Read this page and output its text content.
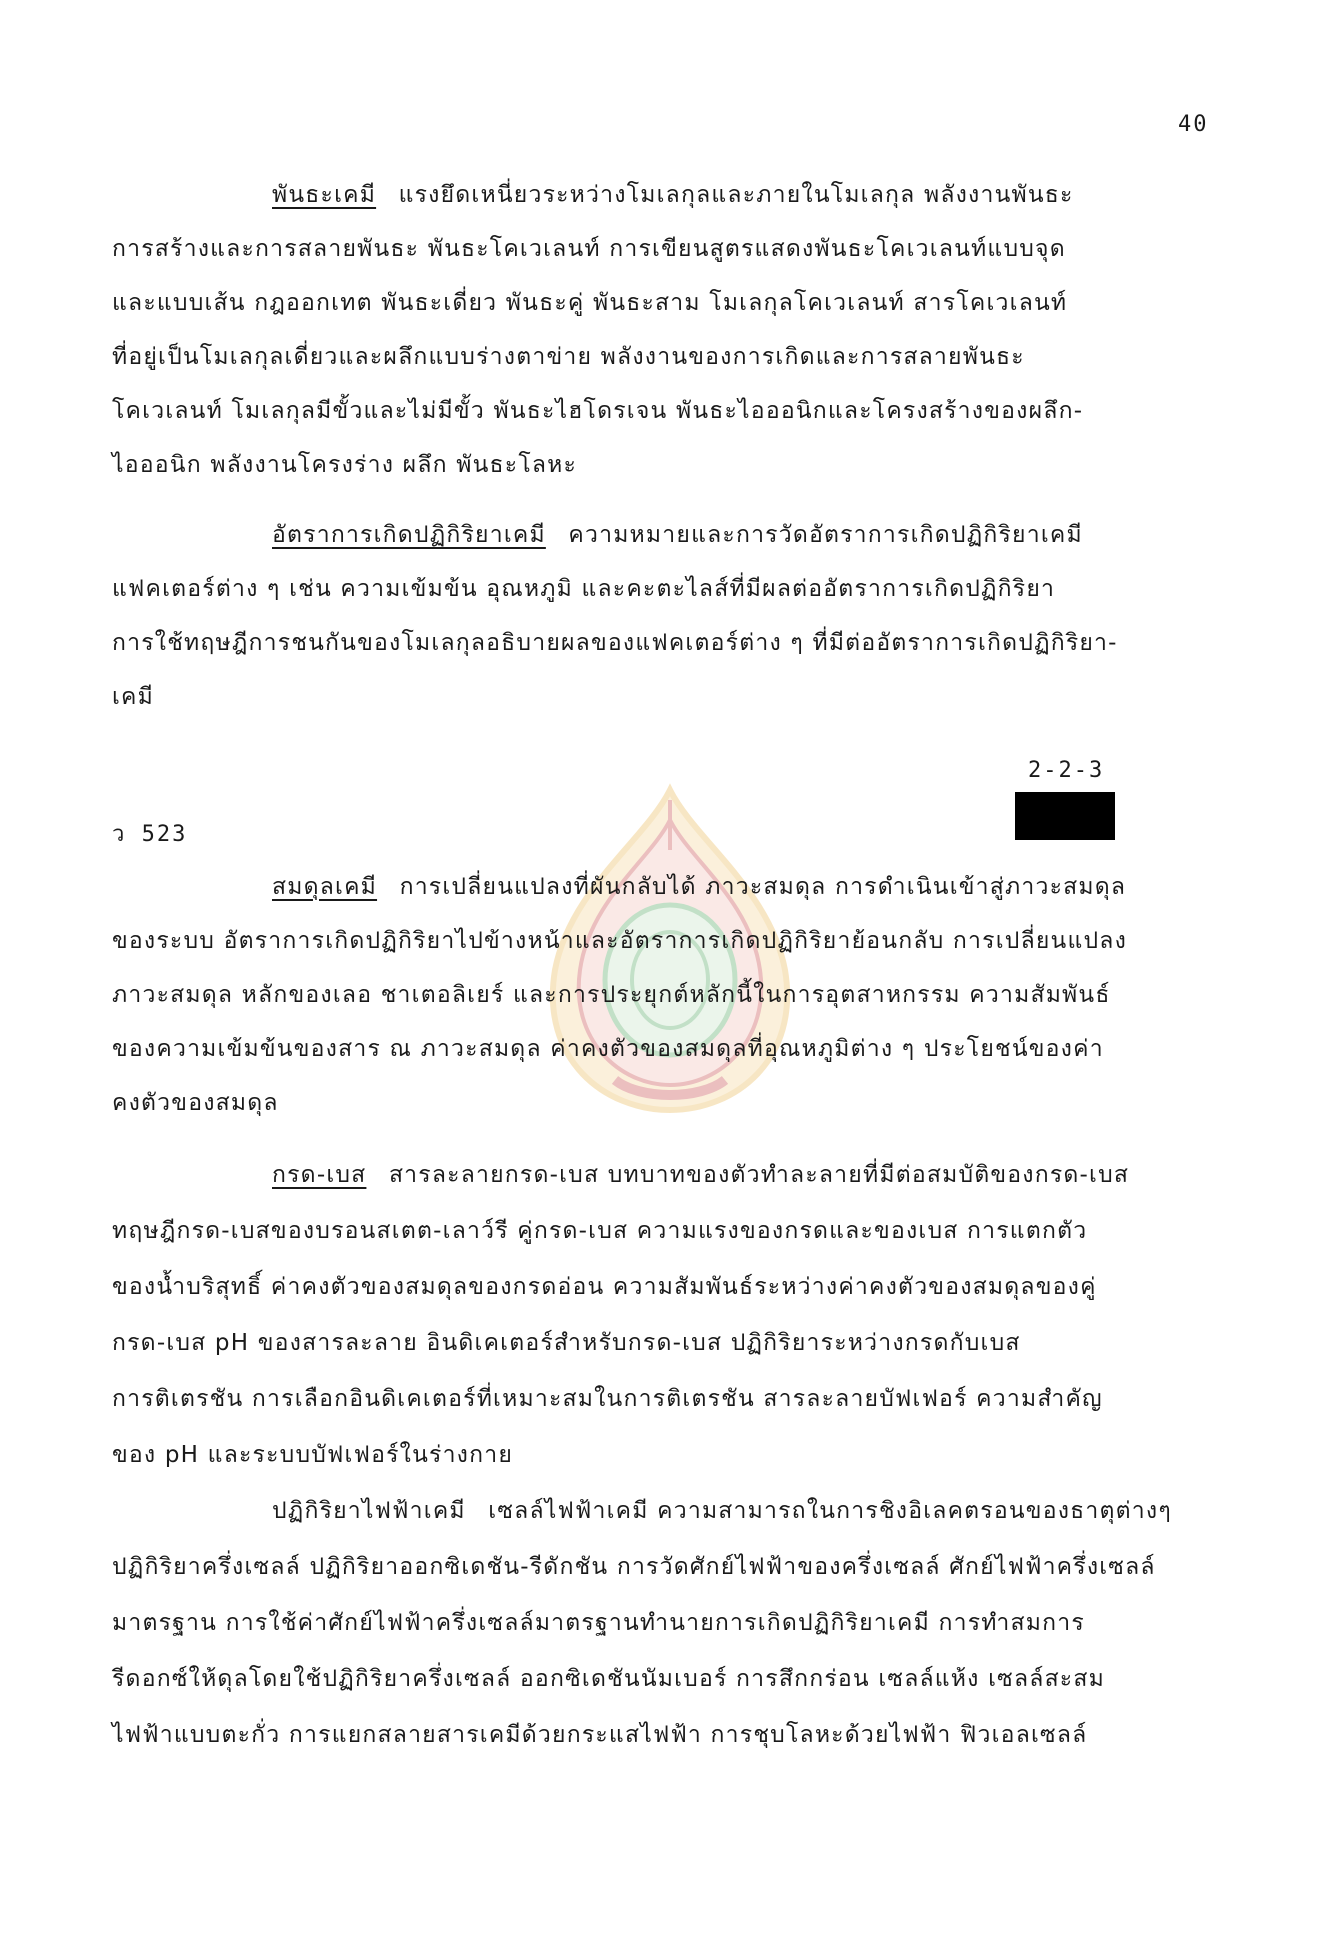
40
พันธะเคมี แรงยึดเหนี่ยวระหว่างโมเลกุลและภายในโมเลกุล พลังงานพันธะ
การสร้างและการสลายพันธะ พันธะโคเวเลนท์ การเขียนสูตรแสดงพันธะโคเวเลนท์แบบจุด
และแบบเส้น กฎออกเทต พันธะเดี่ยว พันธะคู่ พันธะสาม โมเลกุลโคเวเลนท์ สารโคเวเลนท์
ที่อยู่เป็นโมเลกุลเดี่ยวและผลึกแบบร่างตาข่าย พลังงานของการเกิดและการสลายพันธะ
โคเวเลนท์ โมเลกุลมีขั้วและไม่มีขั้ว พันธะไฮโดรเจน พันธะไอออนิกและโครงสร้างของผลึก-
ไอออนิก พลังงานโครงร่าง ผลึก พันธะโลหะ
อัตราการเกิดปฏิกิริยาเคมี ความหมายและการวัดอัตราการเกิดปฏิกิริยาเคมี
แฟคเตอร์ต่าง ๆ เช่น ความเข้มข้น อุณหภูมิ และคะตะไลส์ที่มีผลต่ออัตราการเกิดปฏิกิริยา
การใช้ทฤษฎีการชนกันของโมเลกุลอธิบายผลของแฟคเตอร์ต่าง ๆ ที่มีต่ออัตราการเกิดปฏิกิริยา-
เคมี
2-2-3
ว 523
สมดุลเคมี การเปลี่ยนแปลงที่ผันกลับได้ ภาวะสมดุล การดำเนินเข้าสู่ภาวะสมดุล
ของระบบ อัตราการเกิดปฏิกิริยาไปข้างหน้าและอัตราการเกิดปฏิกิริยาย้อนกลับ การเปลี่ยนแปลง
ภาวะสมดุล หลักของเลอ ชาเตอลิเยร์ และการประยุกต์หลักนี้ในการอุตสาหกรรม ความสัมพันธ์
ของความเข้มข้นของสาร ณ ภาวะสมดุล ค่าคงตัวของสมดุลที่อุณหภูมิต่าง ๆ ประโยชน์ของค่า
คงตัวของสมดุล
กรด-เบส สารละลายกรด-เบส บทบาทของตัวทำละลายที่มีต่อสมบัติของกรด-เบส
ทฤษฎีกรด-เบสของบรอนสเตต-เลาว์รี คู่กรด-เบส ความแรงของกรดและของเบส การแตกตัว
ของน้ำบริสุทธิ์ ค่าคงตัวของสมดุลของกรดอ่อน ความสัมพันธ์ระหว่างค่าคงตัวของสมดุลของคู่
กรด-เบส pH ของสารละลาย อินดิเคเตอร์สำหรับกรด-เบส ปฏิกิริยาระหว่างกรดกับเบส
การติเตรชัน การเลือกอินดิเคเตอร์ที่เหมาะสมในการติเตรชัน สารละลายบัฟเฟอร์ ความสำคัญ
ของ pH และระบบบัฟเฟอร์ในร่างกาย
ปฏิกิริยาไฟฟ้าเคมี เซลล์ไฟฟ้าเคมี ความสามารถในการชิงอิเลคตรอนของธาตุต่างๆ
ปฏิกิริยาครึ่งเซลล์ ปฏิกิริยาออกซิเดชัน-รีดักชัน การวัดศักย์ไฟฟ้าของครึ่งเซลล์ ศักย์ไฟฟ้าครึ่งเซลล์
มาตรฐาน การใช้ค่าศักย์ไฟฟ้าครึ่งเซลล์มาตรฐานทำนายการเกิดปฏิกิริยาเคมี การทำสมการ
รีดอกซ์ให้ดุลโดยใช้ปฏิกิริยาครึ่งเซลล์ ออกซิเดชันนัมเบอร์ การสึกกร่อน เซลล์แห้ง เซลล์สะสม
ไฟฟ้าแบบตะกั่ว การแยกสลายสารเคมีด้วยกระแสไฟฟ้า การชุบโลหะด้วยไฟฟ้า ฟิวเอลเซลล์
